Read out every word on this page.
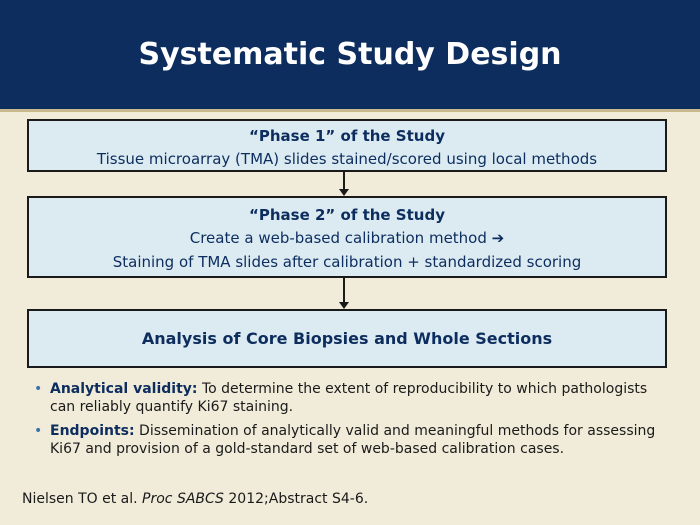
Systematic Study Design
“Phase 1” of the Study
Tissue microarray (TMA) slides stained/scored using local methods
“Phase 2” of the Study
Create a web-based calibration method ➔
Staining of TMA slides after calibration + standardized scoring
Analysis of Core Biopsies and Whole Sections
• Analytical validity: To determine the extent of reproducibility to which pathologists can reliably quantify Ki67 staining.
• Endpoints: Dissemination of analytically valid and meaningful methods for assessing Ki67 and provision of a gold-standard set of web-based calibration cases.
Nielsen TO et al. Proc SABCS 2012;Abstract S4-6.
